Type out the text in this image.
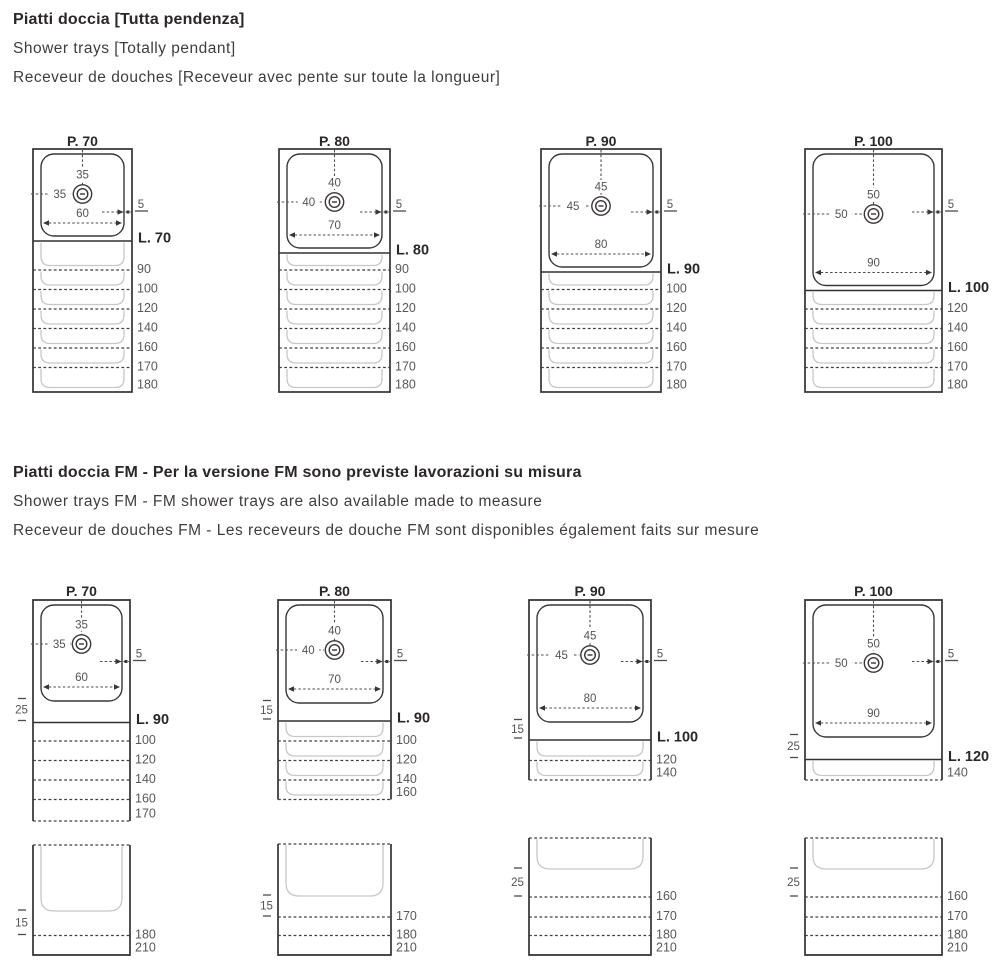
Piatti doccia [Tutta pendenza]
Shower trays [Totally pendant]
Receveur de douches [Receveur avec pente sur toute la longueur]
Piatti doccia FM - Per la versione FM sono previste lavorazioni su misura
Shower trays FM - FM shower trays are also available made to measure
Receveur de douches FM - Les receveurs de douche FM sont disponibles également faits sur mesure
90
100
120
140
160
170
180
5
35
35
60
P. 70
L. 70
90
100
120
140
160
170
180
5
40
40
70
P. 80
L. 80
100
120
140
160
170
180
5
45
45
80
P. 90
L. 90
120
140
160
170
180
5
50
50
90
P. 100
L. 100
100
120
140
160
170
5
35
35
60
P. 70
L. 90
25
100
120
140
160
5
40
40
70
P. 80
L. 90
15
120
140
5
45
45
80
P. 90
L. 100
15
140
5
50
50
90
P. 100
L. 120
25
180
210
15
170
180
210
15
160
170
180
210
25
160
170
180
210
25
